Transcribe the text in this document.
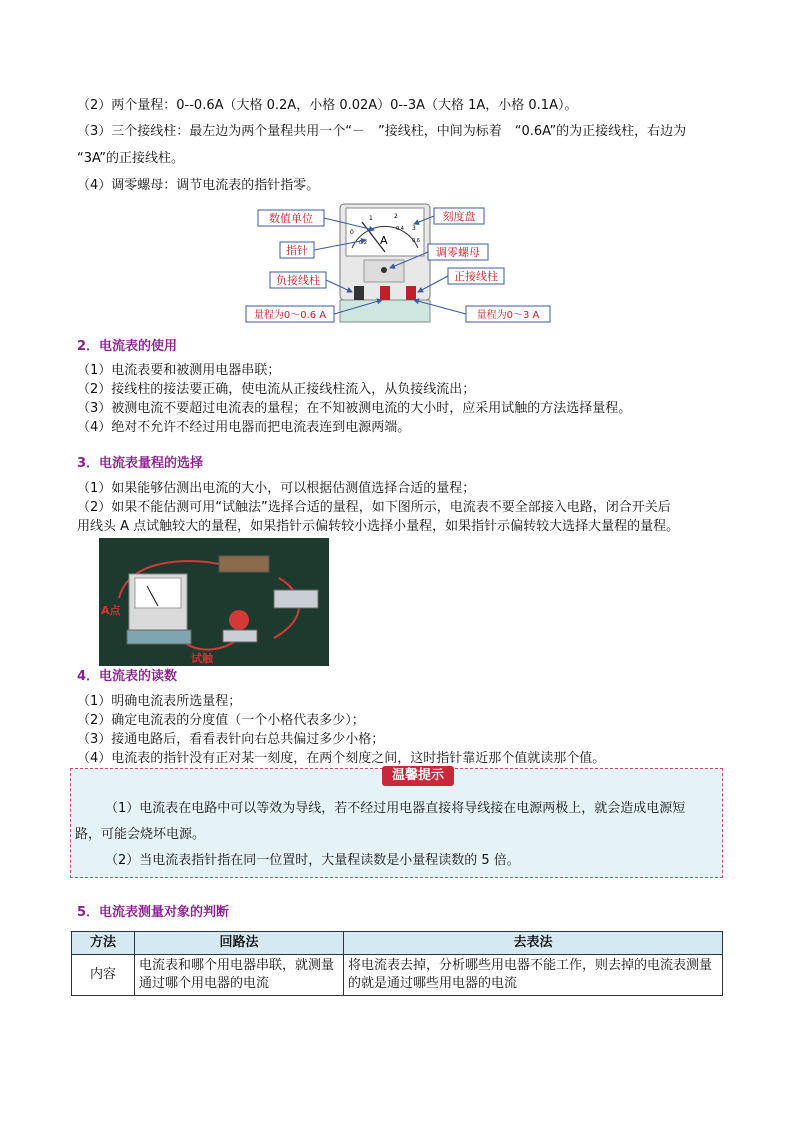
（2）两个量程：0--0.6A（大格 0.2A，小格 0.02A）0--3A（大格 1A，小格 0.1A）。
（3）三个接线柱：最左边为两个量程共用一个“－　”接线柱，中间为标着　“0.6A”的为正接线柱，右边为
“3A”的正接线柱。
（4）调零螺母：调节电流表的指针指零。
A
0
1	2
3
0.2
0.4
0.6
数值单位	刻度盘
指针	调零螺母
负接线柱	正接线柱
量程为0～0.6 A	量程为0～3 A
2．电流表的使用
（1）电流表要和被测用电器串联；
（2）接线柱的接法要正确，使电流从正接线柱流入，从负接线流出；
（3）被测电流不要超过电流表的量程；在不知被测电流的大小时，应采用试触的方法选择量程。
（4）绝对不允许不经过用电器而把电流表连到电源两端。
3．电流表量程的选择
（1）如果能够估测出电流的大小，可以根据估测值选择合适的量程；
（2）如果不能估测可用“试触法”选择合适的量程，如下图所示，电流表不要全部接入电路，闭合开关后
用线头 A 点试触较大的量程，如果指针示偏转较小选择小量程，如果指针示偏转较大选择大量程的量程。
A点
试触
4．电流表的读数
（1）明确电流表所选量程；
（2）确定电流表的分度值（一个小格代表多少）；
（3）接通电路后，看看表针向右总共偏过多少小格；
（4）电流表的指针没有正对某一刻度，在两个刻度之间，这时指针靠近那个值就读那个值。
温馨提示
（1）电流表在电路中可以等效为导线，若不经过用电器直接将导线接在电源两极上，就会造成电源短
路，可能会烧坏电源。
（2）当电流表指针指在同一位置时，大量程读数是小量程读数的 5 倍。
5．电流表测量对象的判断
方法	回路法	去表法
内容	电流表和哪个用电器串联，就测量通过哪个用电器的电流	将电流表去掉，分析哪些用电器不能工作，则去掉的电流表测量的就是通过哪些用电器的电流
